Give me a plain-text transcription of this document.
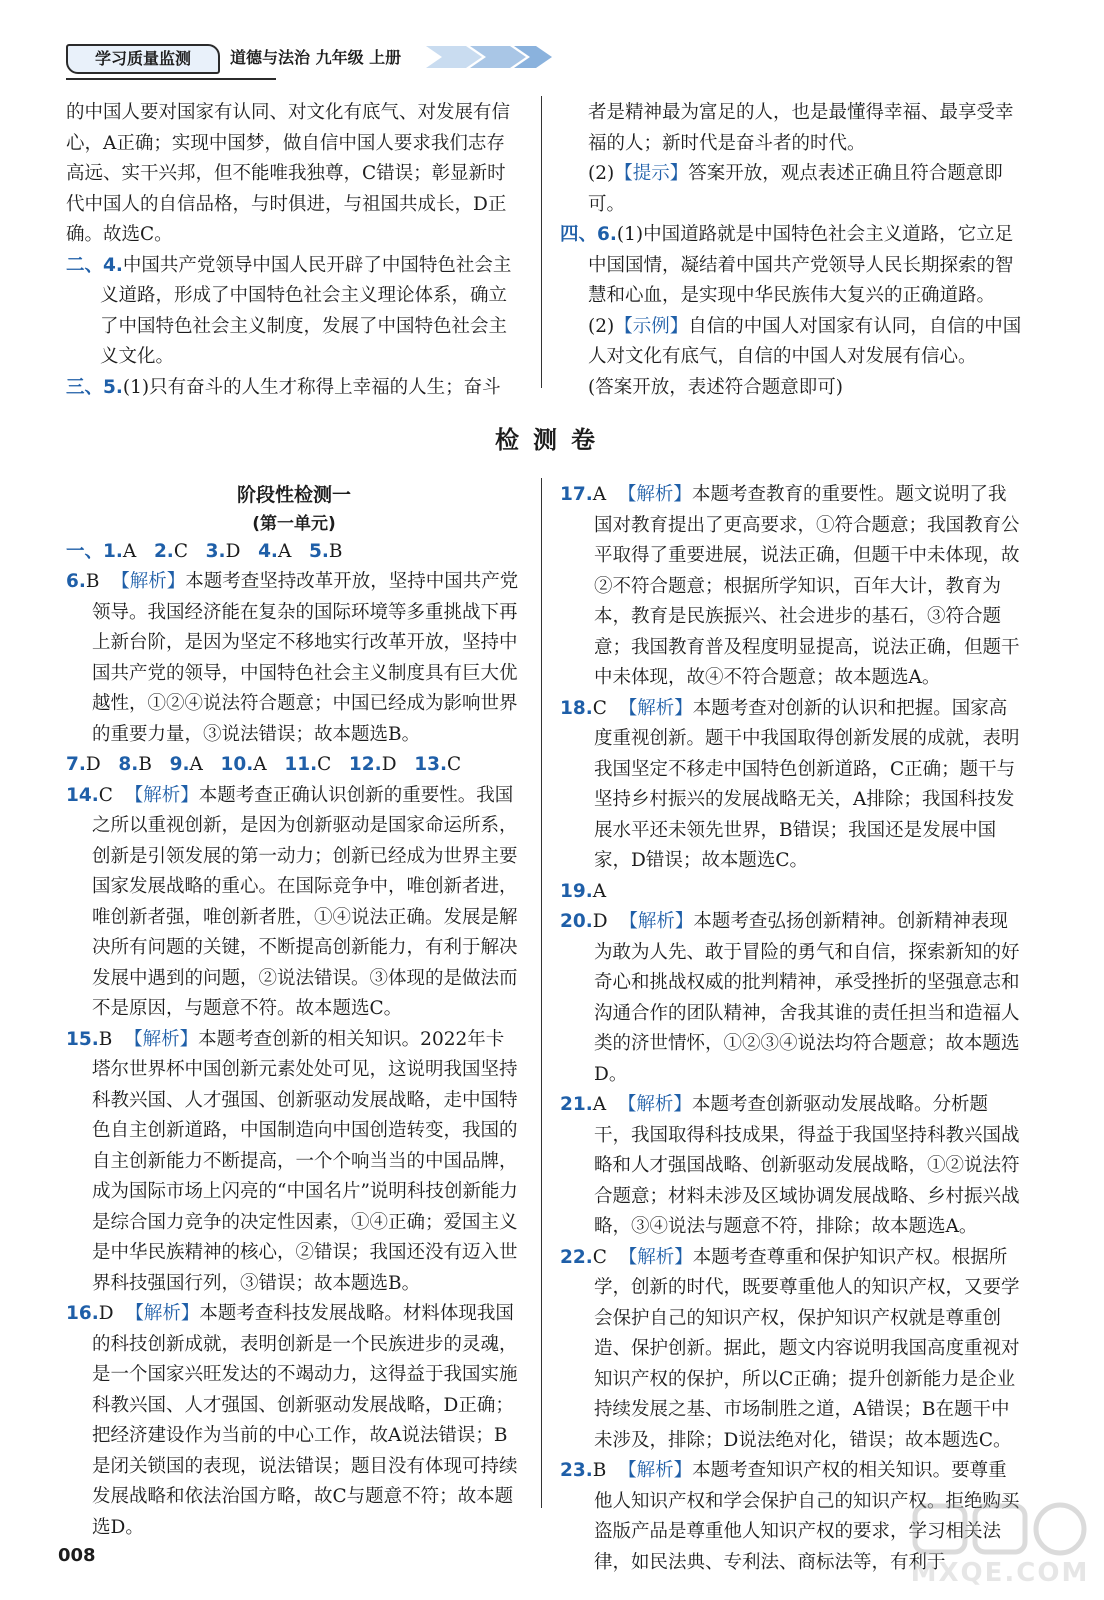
学习质量监测	道德与法治 九年级 上册

的中国人要对国家有认同、对文化有底气、对发展有信心，A正确；实现中国梦，做自信中国人要求我们志存高远、实干兴邦，但不能唯我独尊，C错误；彰显新时代中国人的自信品格，与时俱进，与祖国共成长，D正确。故选C。

二、4.中国共产党领导中国人民开辟了中国特色社会主义道路，形成了中国特色社会主义理论体系，确立了中国特色社会主义制度，发展了中国特色社会主义文化。

三、5.(1)只有奋斗的人生才称得上幸福的人生；奋斗

者是精神最为富足的人，也是最懂得幸福、最享受幸福的人；新时代是奋斗者的时代。

(2)【提示】答案开放，观点表述正确且符合题意即可。

四、6.(1)中国道路就是中国特色社会主义道路，它立足中国国情，凝结着中国共产党领导人民长期探索的智慧和心血，是实现中华民族伟大复兴的正确道路。

(2)【示例】自信的中国人对国家有认同，自信的中国人对文化有底气，自信的中国人对发展有信心。

(答案开放，表述符合题意即可)

检测卷

阶段性检测一

(第一单元)

一、1.A 2.C 3.D 4.A 5.B

6.B 【解析】本题考查坚持改革开放，坚持中国共产党领导。我国经济能在复杂的国际环境等多重挑战下再上新台阶，是因为坚定不移地实行改革开放，坚持中国共产党的领导，中国特色社会主义制度具有巨大优越性，①②④说法符合题意；中国已经成为影响世界的重要力量，③说法错误；故本题选B。

7.D 8.B 9.A 10.A 11.C 12.D 13.C

14.C 【解析】本题考查正确认识创新的重要性。我国之所以重视创新，是因为创新驱动是国家命运所系，创新是引领发展的第一动力；创新已经成为世界主要国家发展战略的重心。在国际竞争中，唯创新者进，唯创新者强，唯创新者胜，①④说法正确。发展是解决所有问题的关键，不断提高创新能力，有利于解决发展中遇到的问题，②说法错误。③体现的是做法而不是原因，与题意不符。故本题选C。

15.B 【解析】本题考查创新的相关知识。2022年卡塔尔世界杯中国创新元素处处可见，这说明我国坚持科教兴国、人才强国、创新驱动发展战略，走中国特色自主创新道路，中国制造向中国创造转变，我国的自主创新能力不断提高，一个个响当当的中国品牌，成为国际市场上闪亮的“中国名片”说明科技创新能力是综合国力竞争的决定性因素，①④正确；爱国主义是中华民族精神的核心，②错误；我国还没有迈入世界科技强国行列，③错误；故本题选B。

16.D 【解析】本题考查科技发展战略。材料体现我国的科技创新成就，表明创新是一个民族进步的灵魂，是一个国家兴旺发达的不竭动力，这得益于我国实施科教兴国、人才强国、创新驱动发展战略，D正确；把经济建设作为当前的中心工作，故A说法错误；B是闭关锁国的表现，说法错误；题目没有体现可持续发展战略和依法治国方略，故C与题意不符；故本题选D。

17.A 【解析】本题考查教育的重要性。题文说明了我国对教育提出了更高要求，①符合题意；我国教育公平取得了重要进展，说法正确，但题干中未体现，故②不符合题意；根据所学知识，百年大计，教育为本，教育是民族振兴、社会进步的基石，③符合题意；我国教育普及程度明显提高，说法正确，但题干中未体现，故④不符合题意；故本题选A。

18.C 【解析】本题考查对创新的认识和把握。国家高度重视创新。题干中我国取得创新发展的成就，表明我国坚定不移走中国特色创新道路，C正确；题干与坚持乡村振兴的发展战略无关，A排除；我国科技发展水平还未领先世界，B错误；我国还是发展中国家，D错误；故本题选C。

19.A

20.D 【解析】本题考查弘扬创新精神。创新精神表现为敢为人先、敢于冒险的勇气和自信，探索新知的好奇心和挑战权威的批判精神，承受挫折的坚强意志和沟通合作的团队精神，舍我其谁的责任担当和造福人类的济世情怀，①②③④说法均符合题意；故本题选D。

21.A 【解析】本题考查创新驱动发展战略。分析题干，我国取得科技成果，得益于我国坚持科教兴国战略和人才强国战略、创新驱动发展战略，①②说法符合题意；材料未涉及区域协调发展战略、乡村振兴战略，③④说法与题意不符，排除；故本题选A。

22.C 【解析】本题考查尊重和保护知识产权。根据所学，创新的时代，既要尊重他人的知识产权，又要学会保护自己的知识产权，保护知识产权就是尊重创造、保护创新。据此，题文内容说明我国高度重视对知识产权的保护，所以C正确；提升创新能力是企业持续发展之基、市场制胜之道，A错误；B在题干中未涉及，排除；D说法绝对化，错误；故本题选C。

23.B 【解析】本题考查知识产权的相关知识。要尊重他人知识产权和学会保护自己的知识产权。拒绝购买盗版产品是尊重他人知识产权的要求，学习相关法律，如民法典、专利法、商标法等，有利于

008
MXQE.COM
